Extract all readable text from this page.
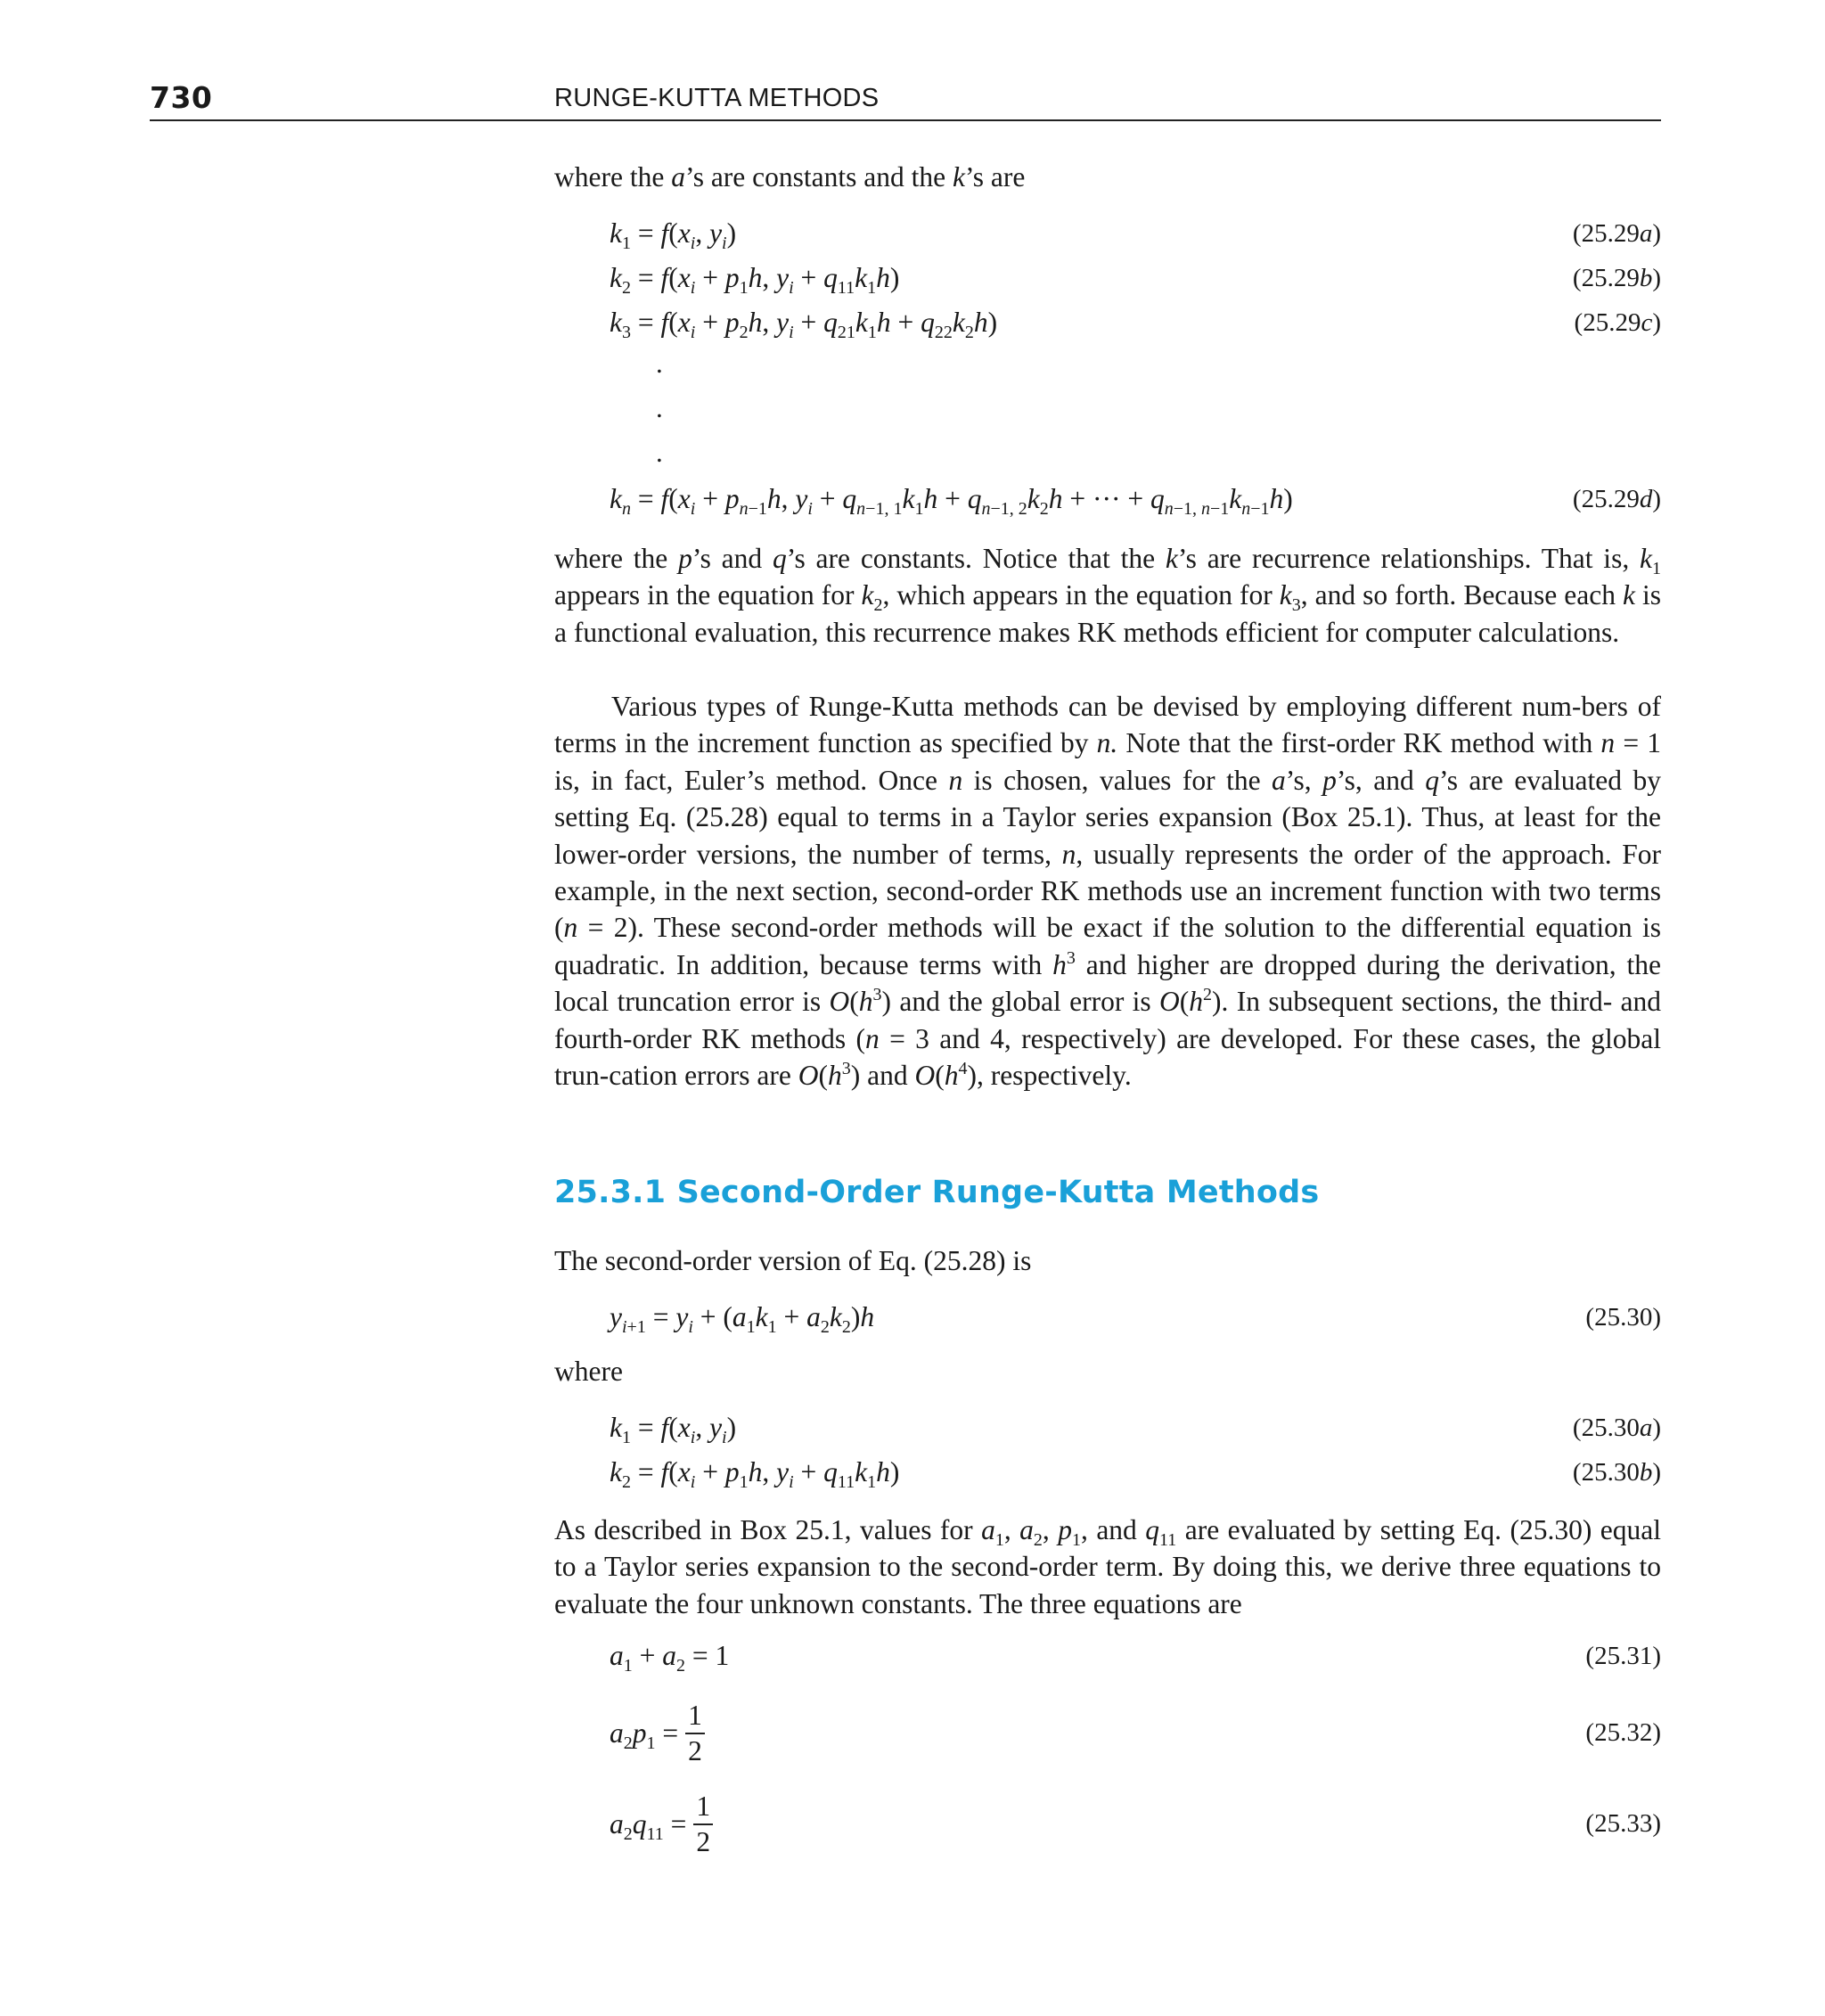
730	RUNGE-KUTTA METHODS

where the a’s are constants and the k’s are

$k_1 = f(x_i$, $y_i$)	(25.29a)
$k_2 = f(x_i + p_1h$, $y_i + q_{11}k_1h$)	(25.29b)
$k_3 = f(x_i + p_2h$, $y_i + q_{21}k_1h + q_{22}k_2h$)	(25.29c)
.
.
.
$k_n = f(x_i + p_{n-1}h$, $y_i + q_{n-1, 1}k_1h + q_{n-1, 2}k_2h$ + ··· + $q_{n-1, n-1}k_{n-1}h$)	(25.29d)

where the p’s and q’s are constants. Notice that the k’s are recurrence relationships. That is, $k_1$ appears in the equation for $k_2$, which appears in the equation for $k_3$, and so forth. Because each k is a functional evaluation, this recurrence makes RK methods efficient for computer calculations.

Various types of Runge-Kutta methods can be devised by employing different num-bers of terms in the increment function as specified by n. Note that the first-order RK method with n = 1 is, in fact, Euler’s method. Once n is chosen, values for the a’s, p’s, and q’s are evaluated by setting Eq. (25.28) equal to terms in a Taylor series expansion (Box 25.1). Thus, at least for the lower-order versions, the number of terms, n, usually represents the order of the approach. For example, in the next section, second-order RK methods use an increment function with two terms (n = 2). These second-order methods will be exact if the solution to the differential equation is quadratic. In addition, because terms with $h^3$ and higher are dropped during the derivation, the local truncation error is $O(h^3)$ and the global error is $O(h^2)$. In subsequent sections, the third- and fourth-order RK methods (n = 3 and 4, respectively) are developed. For these cases, the global trun-cation errors are $O(h^3)$ and $O(h^4)$, respectively.

25.3.1 Second-Order Runge-Kutta Methods

The second-order version of Eq. (25.28) is

$y_{i+1} = y_i + (a_1k_1 + a_2k_2)h$	(25.30)

where

$k_1 = f(x_i$, $y_i$)	(25.30a)
$k_2 = f(x_i + p_1h$, $y_i + q_{11}k_1h$)	(25.30b)

As described in Box 25.1, values for $a_1$, $a_2$, $p_1$, and $q_{11}$ are evaluated by setting Eq. (25.30) equal to a Taylor series expansion to the second-order term. By doing this, we derive three equations to evaluate the four unknown constants. The three equations are

$a_1 + a_2 = 1$	(25.31)
$a_2p_1 = \frac{1}{2}$	(25.32)
$a_2q_{11} = \frac{1}{2}$	(25.33)
